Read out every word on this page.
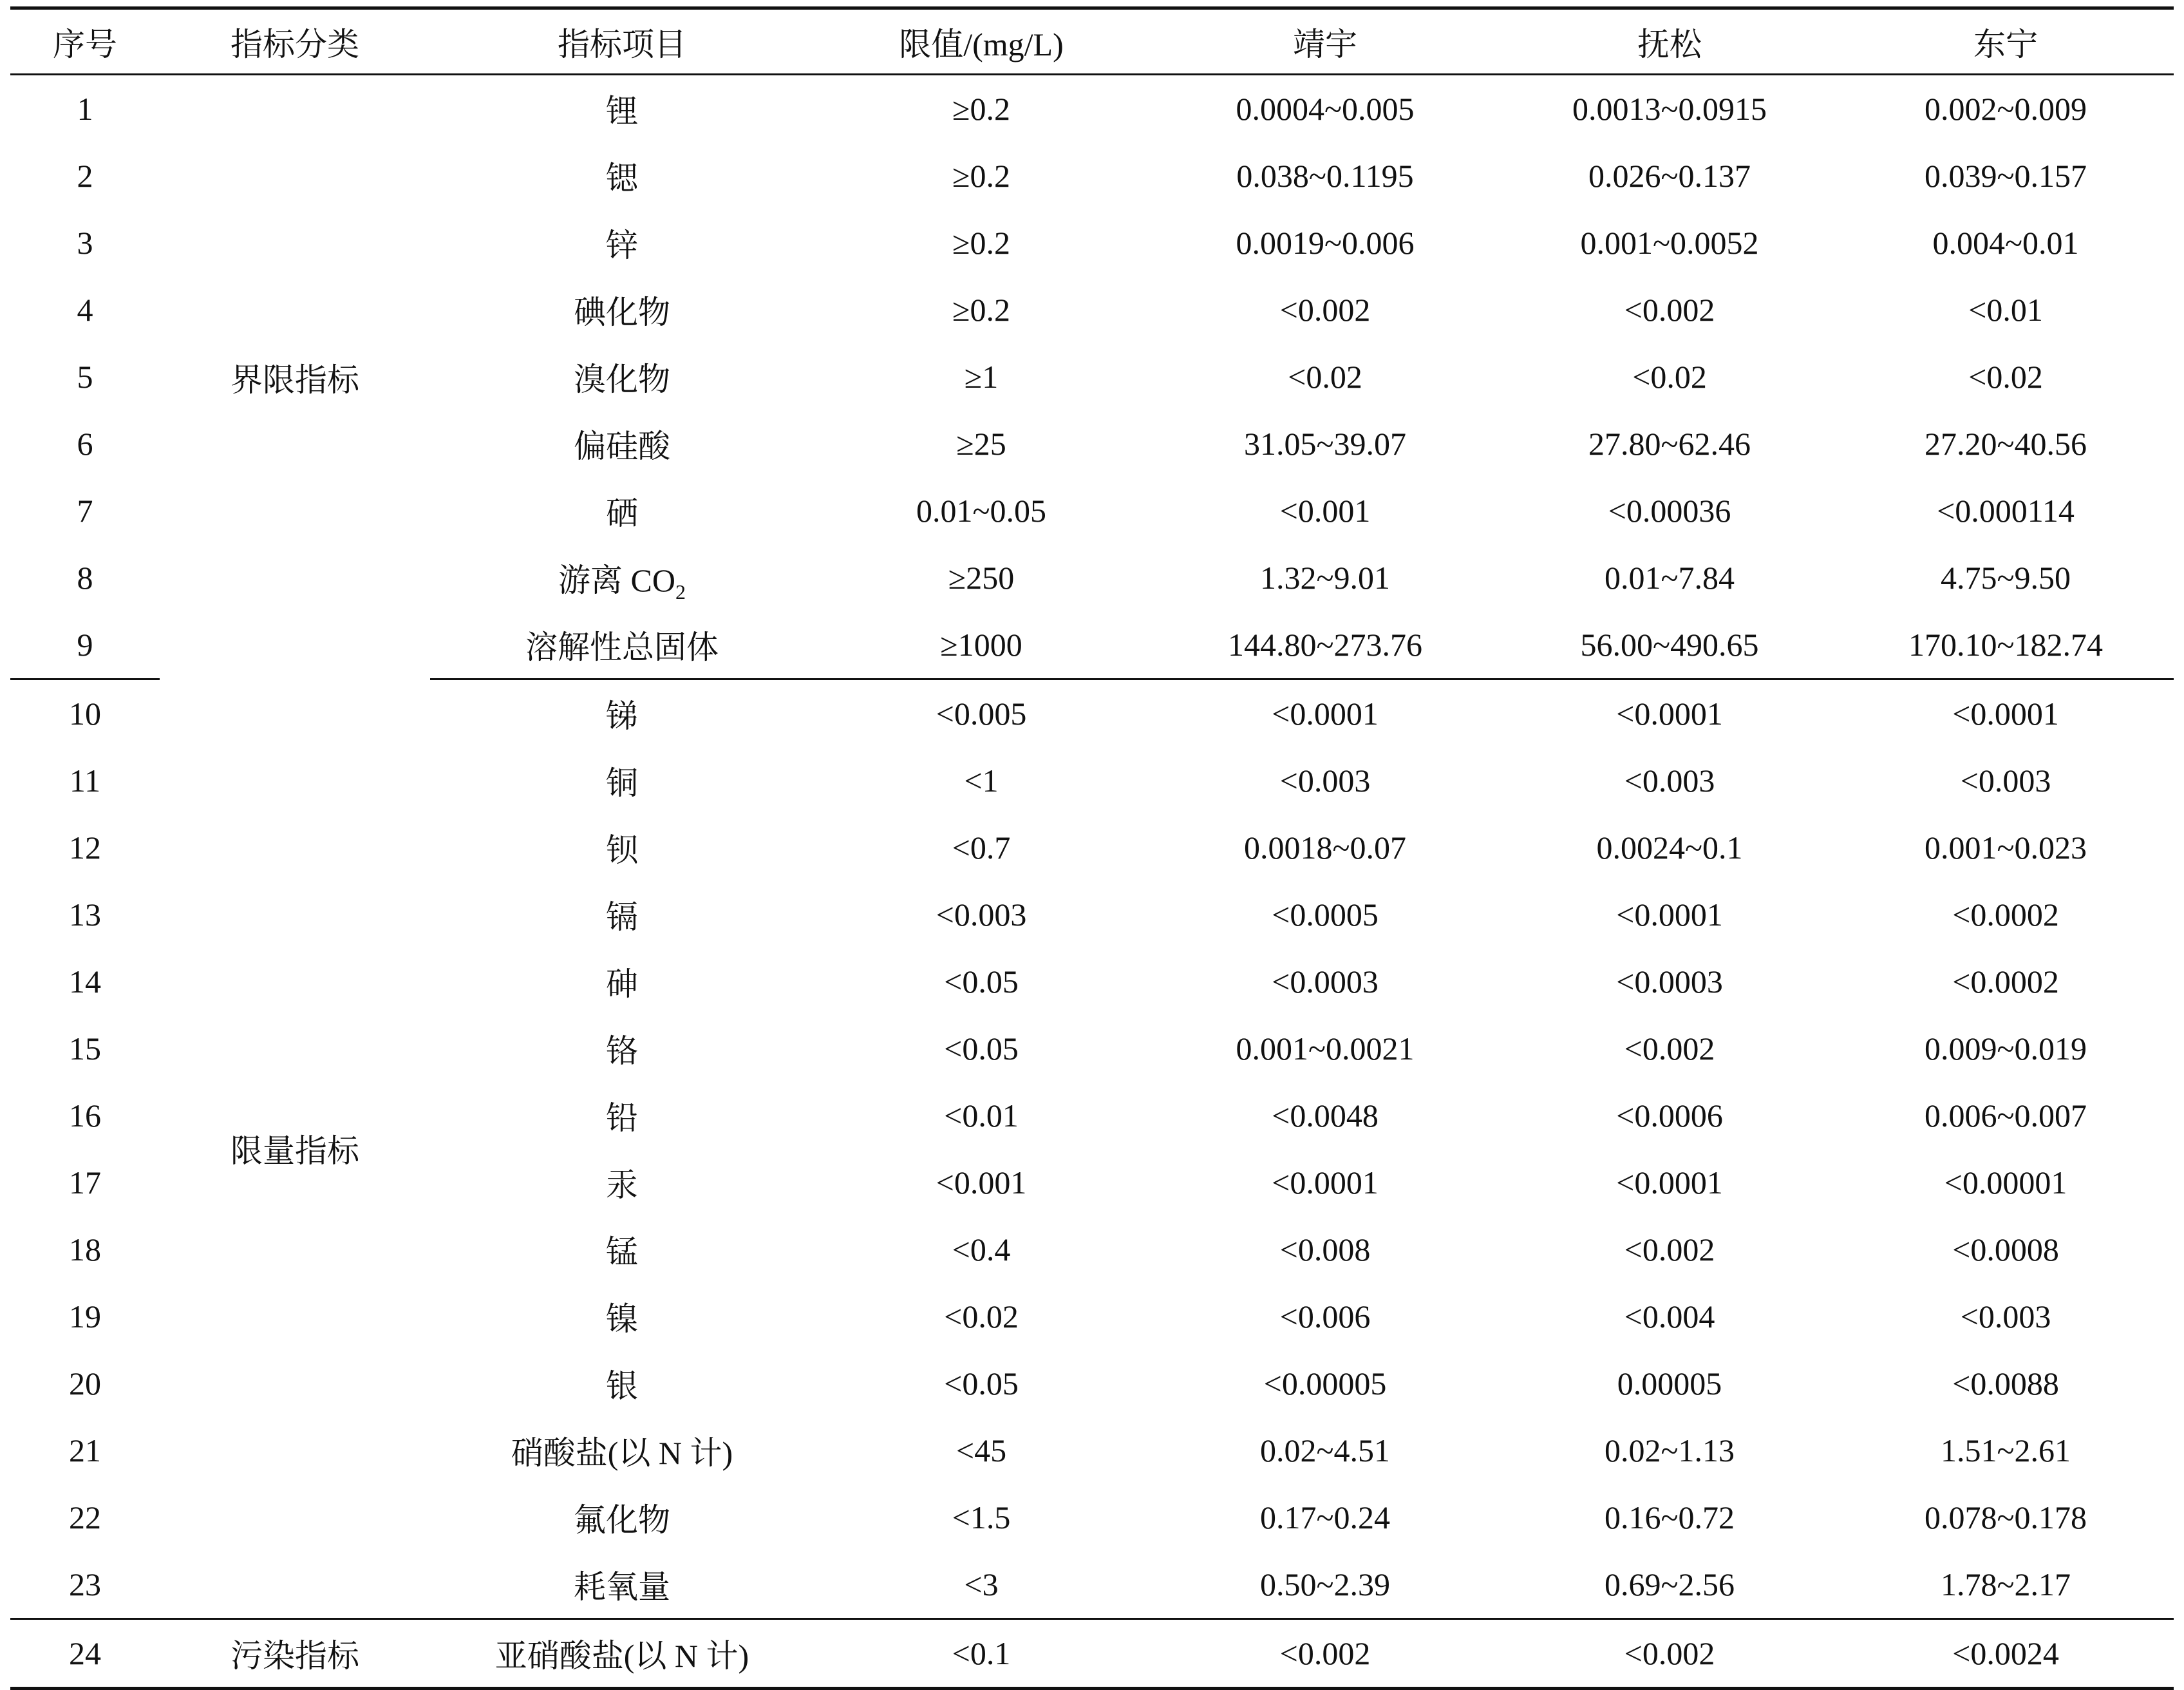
序号	指标分类	指标项目	限值/(mg/L)	靖宇	抚松	东宁
1	界限指标	锂	≥0.2	0.0004~0.005	0.0013~0.0915	0.002~0.009
2		锶	≥0.2	0.038~0.1195	0.026~0.137	0.039~0.157
3		锌	≥0.2	0.0019~0.006	0.001~0.0052	0.004~0.01
4		碘化物	≥0.2	<0.002	<0.002	<0.01
5		溴化物	≥1	<0.02	<0.02	<0.02
6		偏硅酸	≥25	31.05~39.07	27.80~62.46	27.20~40.56
7		硒	0.01~0.05	<0.001	<0.00036	<0.000114
8		游离 $CO_2$	≥250	1.32~9.01	0.01~7.84	4.75~9.50
9		溶解性总固体	≥1000	144.80~273.76	56.00~490.65	170.10~182.74
10	限量指标	锑	<0.005	<0.0001	<0.0001	<0.0001
11		铜	<1	<0.003	<0.003	<0.003
12		钡	<0.7	0.0018~0.07	0.0024~0.1	0.001~0.023
13		镉	<0.003	<0.0005	<0.0001	<0.0002
14		砷	<0.05	<0.0003	<0.0003	<0.0002
15		铬	<0.05	0.001~0.0021	<0.002	0.009~0.019
16		铅	<0.01	<0.0048	<0.0006	0.006~0.007
17		汞	<0.001	<0.0001	<0.0001	<0.00001
18		锰	<0.4	<0.008	<0.002	<0.0008
19		镍	<0.02	<0.006	<0.004	<0.003
20		银	<0.05	<0.00005	0.00005	<0.0088
21		硝酸盐(以 N 计)	<45	0.02~4.51	0.02~1.13	1.51~2.61
22		氟化物	<1.5	0.17~0.24	0.16~0.72	0.078~0.178
23		耗氧量	<3	0.50~2.39	0.69~2.56	1.78~2.17
24	污染指标	亚硝酸盐(以 N 计)	<0.1	<0.002	<0.002	<0.0024
